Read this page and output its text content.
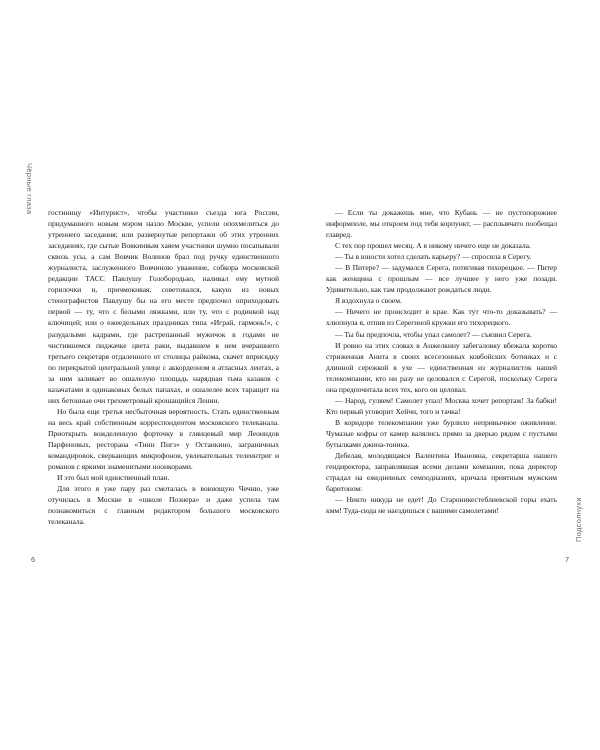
Чёрные глаза
Подсолнухи

гостиницу «Интурист», чтобы участники съезда юга России, придуманного новым мэром назло Москве, успели опохмелиться до утреннего заседания; или развернутые репортажи об этих утренних заседаниях, где сытые Вовкинвым хаяем участники шумно посапывали сквозь усы, а сам Вовчик Волинов брал под ручку единственного журналиста, заслуженного Вовчиною уважение, собкора московской редакции ТАСС Павлушу Голобородько, наливал ему мутной горилочки и, причмокивая, советовался, какую из новых стенографистов Павлушу бы на его месте предпочел оприходовать первой — ту, что с белыми ляжками, или ту, что с родинкой над ключицей; или о ежеедельных праздниках типа «Играй, гармонь!», с разудалыми кадрами, где растрепанный мужичок в годами не чистившемся пиджачке цвета раки, выдавшем в нем вчерашнего третьего секретаря отдаленного от столицы райкома, скачет вприсядку по перекрытой центральной улице с аккордеоном в атласных лентах, а за ним заливает во ошалелую площадь нарядная тьма казаков с казачатами в одинаковых белых папахах, и ошалелее всех таращит на них бетонные очи трехметровый крошащийся Ленин.

Но была еще третья несбыточная вероятность. Стать единственным на весь край собственным корреспондентом московского телеканала. Приоткрыть вожделенную форточку в глянцевый мир Леонидов Парфеновых, ресторана «Тинн Пнгз» у Останкино, заграничных командировок, сверкающих микрофонов, увлекательных телеинтриг и романов с яркими знаменитыми ноонкорами.

И это был мой единственный план.

Для этого я уже пару раз смоталась в воюющую Чечню, уже отучилась в Москве в «школе Познера» и даже успела там познакомиться с главным редактором большого московского телеканала.

— Если ты докажешь мне, что Кубань — не пустопорожнее информполе, мы откроем под тебя корпункт, — расплывчато пообещал главред.

С тех пор прошел месяц. А я никому ничего еще не доказала.

— Ты в юности хотел сделать карьеру? — спросила я Серегу.

— В Питере? — задумался Серега, потягивая тихорецкое. — Питер как женщина с прошлым — все лучшее у него уже позади. Удивительно, как там продолжают рождаться люди.

Я вздохнула о своем.

— Ничего не происходит в крае. Как тут что-то доказывать? — хлюпнула я, отпив из Серегиной кружки его тихорецкого.

— Ты бы предпочла, чтобы упал самолет? — съязвил Серега.

И ровно на этих словах в Анжелкину забегаловку вбежала коротко стриженная Анита в своих всесезонных ковбойских ботинках и с длинной сережкой в ухе — единственная из журналисток нашей телекомпании, кто ни разу не целовался с Серегой, поскольку Серега она предпочитала всех тех, кого он целовал.

— Народ, гуляем! Самолет упал! Москва хочет репортаж! За бабки! Кто первый уговорит Хейчи, того и тачка!

В коридоре телекомпании уже бурлило непривычное оживление. Чумазые кофры от камер валялись прямо за дверью рядом с пустыми бутылками джина-тоника.

Дебелая, молодящаяся Валентина Ивановна, секретарша нашего гендиректора, заправлявшая всеми делами компании, пока директор страдал на ежедневных семподиазиях, кричала приятным мужским баритоном:

— Никто никуда не едет! До Староникестеблиевской горы ехать кмм! Туда-сюда не наездишься с вашими самолетами!

6	7
